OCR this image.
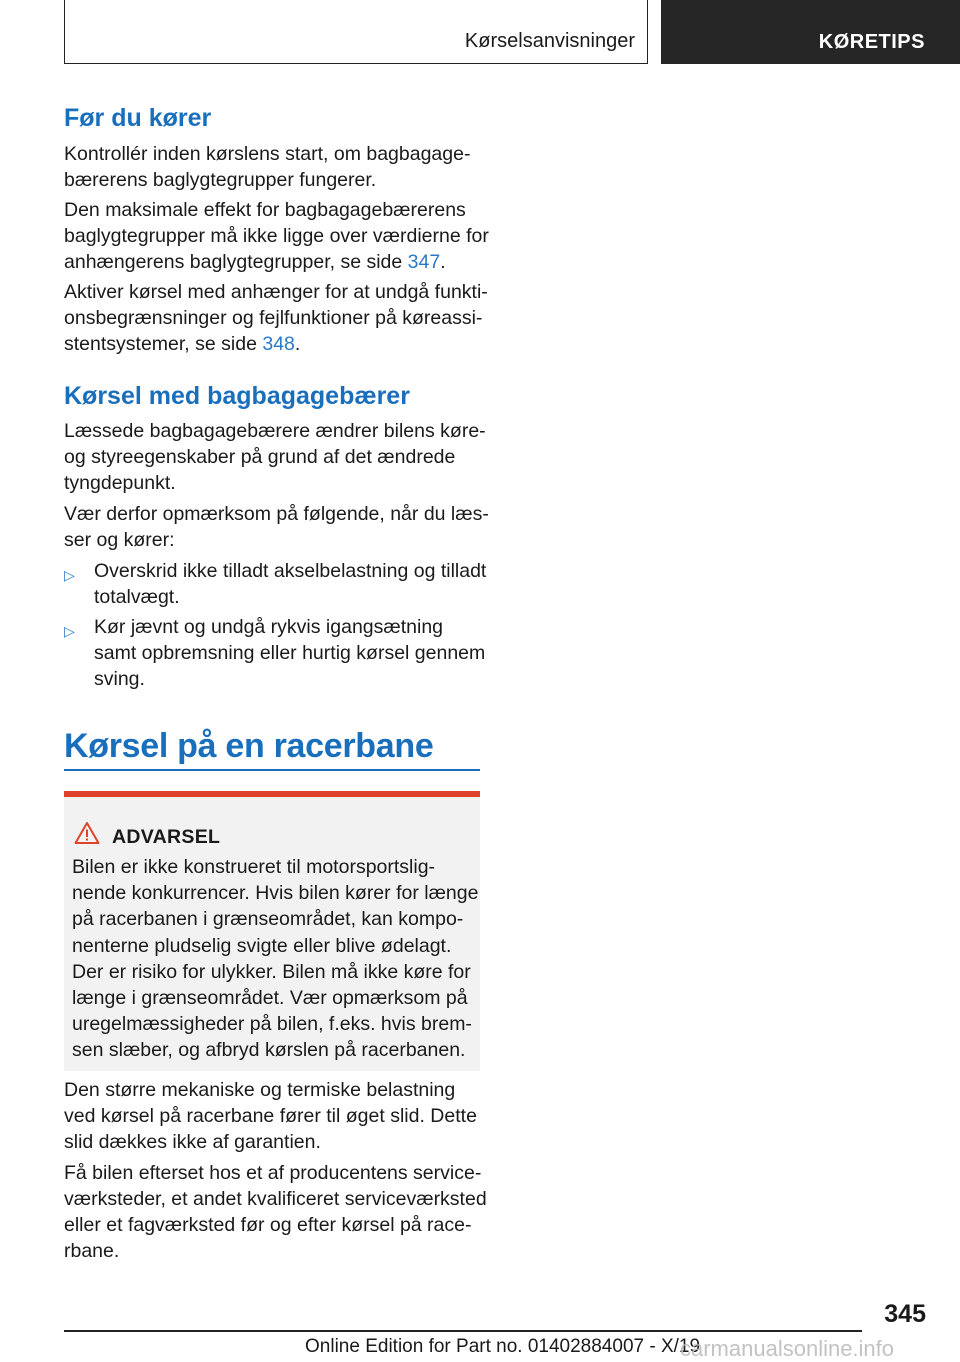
Kørselsanvisninger	KØRETIPS
Før du kører

Kontrollér inden kørslens start, om bagbagage-
bærerens baglygtegrupper fungerer.

Den maksimale effekt for bagbagagebærerens
baglygtegrupper må ikke ligge over værdierne for
anhængerens baglygtegrupper, se side 347.

Aktiver kørsel med anhænger for at undgå funkti-
onsbegrænsninger og fejlfunktioner på køreassi-
stentsystemer, se side 348.

Kørsel med bagbagagebærer

Læssede bagbagagebærere ændrer bilens køre-
og styreegenskaber på grund af det ændrede
tyngdepunkt.

Vær derfor opmærksom på følgende, når du læs-
ser og kører:

▷ Overskrid ikke tilladt akselbelastning og tilladt
totalvægt.
▷ Kør jævnt og undgå rykvis igangsætning
samt opbremsning eller hurtig kørsel gennem
sving.
Kørsel på en racerbane

Den større mekaniske og termiske belastning
ved kørsel på racerbane fører til øget slid. Dette
slid dækkes ikke af garantien.

Få bilen efterset hos et af producentens service-
værksteder, et andet kvalificeret serviceværksted
eller et fagværksted før og efter kørsel på race-
rbane.

ADVARSEL
Bilen er ikke konstrueret til motorsportslig-
nende konkurrencer. Hvis bilen kører for længe
på racerbanen i grænseområdet, kan kompo-
nenterne pludselig svigte eller blive ødelagt.
Der er risiko for ulykker. Bilen må ikke køre for
længe i grænseområdet. Vær opmærksom på
uregelmæssigheder på bilen, f.eks. hvis brem-
sen slæber, og afbryd kørslen på racerbanen.
345
Online Edition for Part no. 01402884007 - X/19
carmanualsonline.info
